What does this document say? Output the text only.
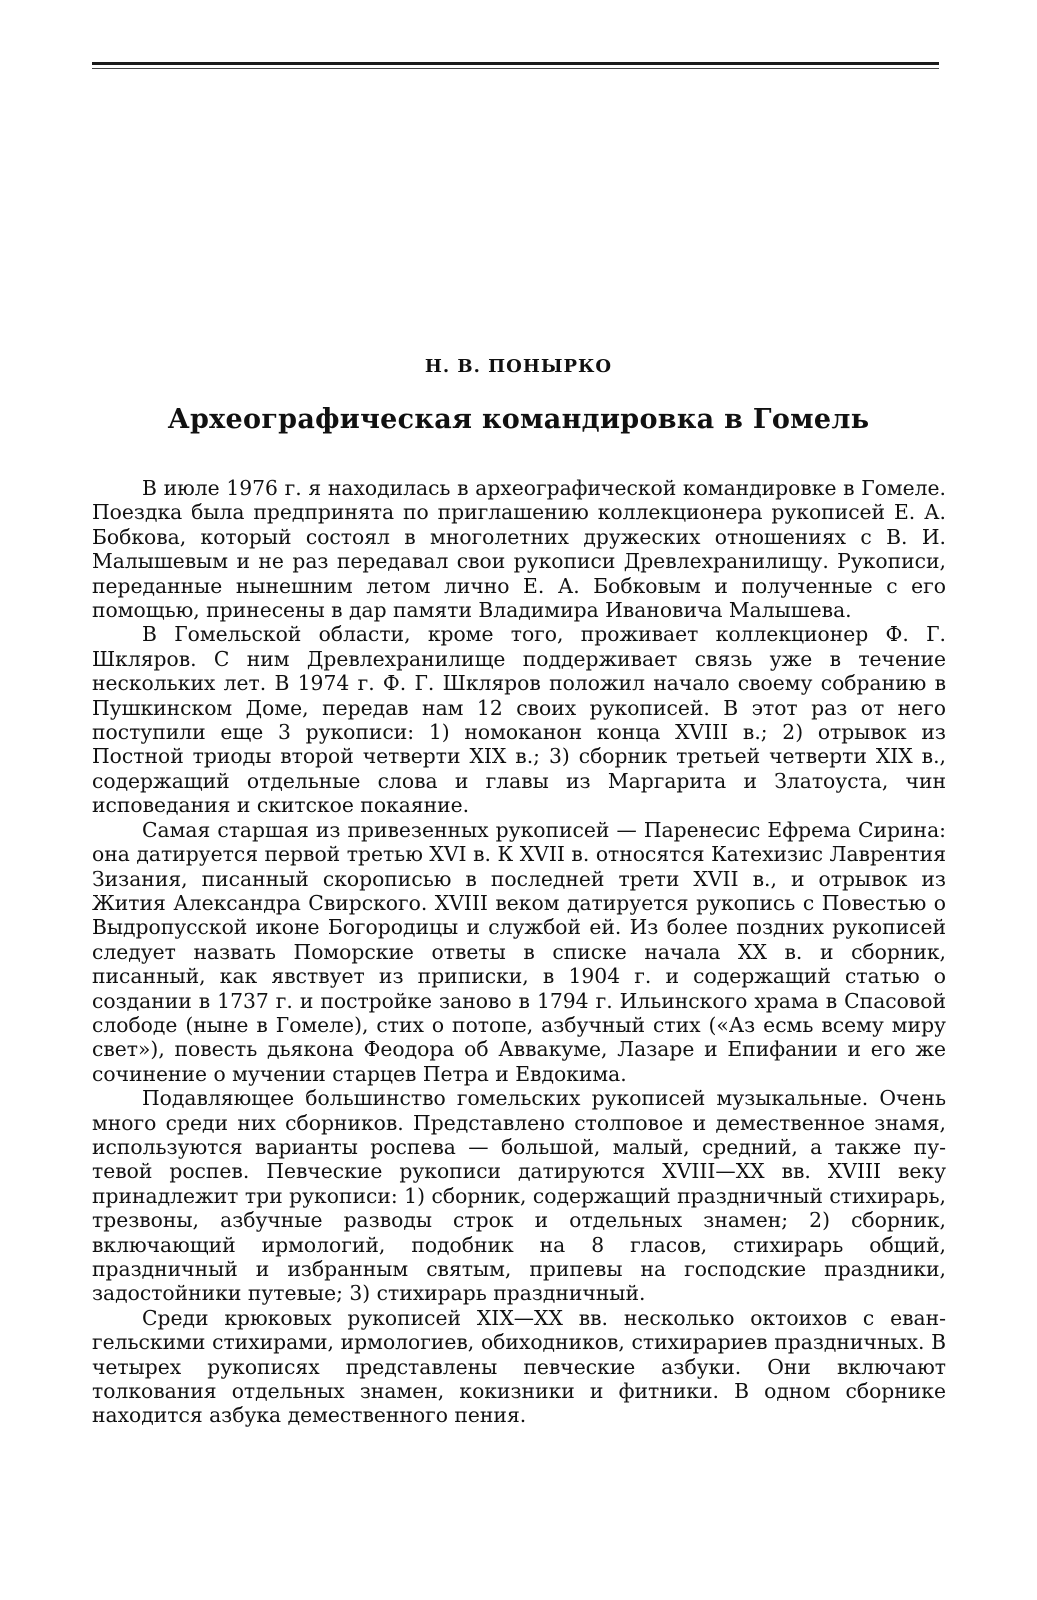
Н. В. ПОНЫРКО
Археографическая командировка в Гомель

В июле 1976 г. я находилась в археографической командировке в Гомеле. Поездка была предпринята по приглашению коллекционера рукописей Е. А. Бобкова, который состоял в многолетних дружеских отношениях с В. И. Малышевым и не раз передавал свои рукописи Древлехранилищу. Рукописи, переданные нынешним летом лично Е. А. Бобковым и полученные с его помощью, принесены в дар памяти Владимира Ивановича Малышева.

В Гомельской области, кроме того, проживает коллекционер Ф. Г. Шкляров. С ним Древлехранилище поддерживает связь уже в течение нескольких лет. В 1974 г. Ф. Г. Шкляров положил начало своему собранию в Пушкинском Доме, передав нам 12 своих рукописей. В этот раз от него поступили еще 3 рукописи: 1) номоканон конца XVIII в.; 2) отрывок из Постной триоды второй четверти XIX в.; 3) сборник третьей четверти XIX в., содержащий отдельные слова и главы из Маргарита и Златоуста, чин исповедания и скитское покаяние.

Самая старшая из привезенных рукописей — Паренесис Ефрема Сирина: она датируется первой третью XVI в. К XVII в. относятся Катехизис Лаврентия Зизания, писанный скорописью в последней трети XVII в., и отрывок из Жития Александра Свирского. XVIII веком датируется рукопись с Повестью о Выдропусской иконе Богородицы и службой ей. Из более поздних рукописей следует назвать Поморские ответы в списке начала XX в. и сборник, писанный, как явствует из приписки, в 1904 г. и содержащий статью о создании в 1737 г. и постройке заново в 1794 г. Ильинского храма в Спасовой слободе (ныне в Гомеле), стих о потопе, азбучный стих («Аз есмь всему миру свет»), повесть дьякона Феодора об Аввакуме, Лазаре и Епифании и его же сочинение о мучении старцев Петра и Евдокима.

Подавляющее большинство гомельских рукописей музыкальные. Очень много среди них сборников. Представлено столповое и демественное знамя, используются варианты роспева — большой, малый, средний, а также путевой роспев. Певческие рукописи датируются XVIII—XX вв. XVIII веку принадлежит три рукописи: 1) сборник, содержащий праздничный стихирарь, трезвоны, азбучные разводы строк и отдельных знамен; 2) сборник, включающий ирмологий, подобник на 8 гласов, стихирарь общий, праздничный и избранным святым, припевы на господские праздники, задостойники путевые; 3) стихирарь праздничный.

Среди крюковых рукописей XIX—XX вв. несколько октоихов с евангельскими стихирами, ирмологиев, обиходников, стихирариев праздничных. В четырех рукописях представлены певческие азбуки. Они включают толкования отдельных знамен, кокизники и фитники. В одном сборнике находится азбука демественного пения.
